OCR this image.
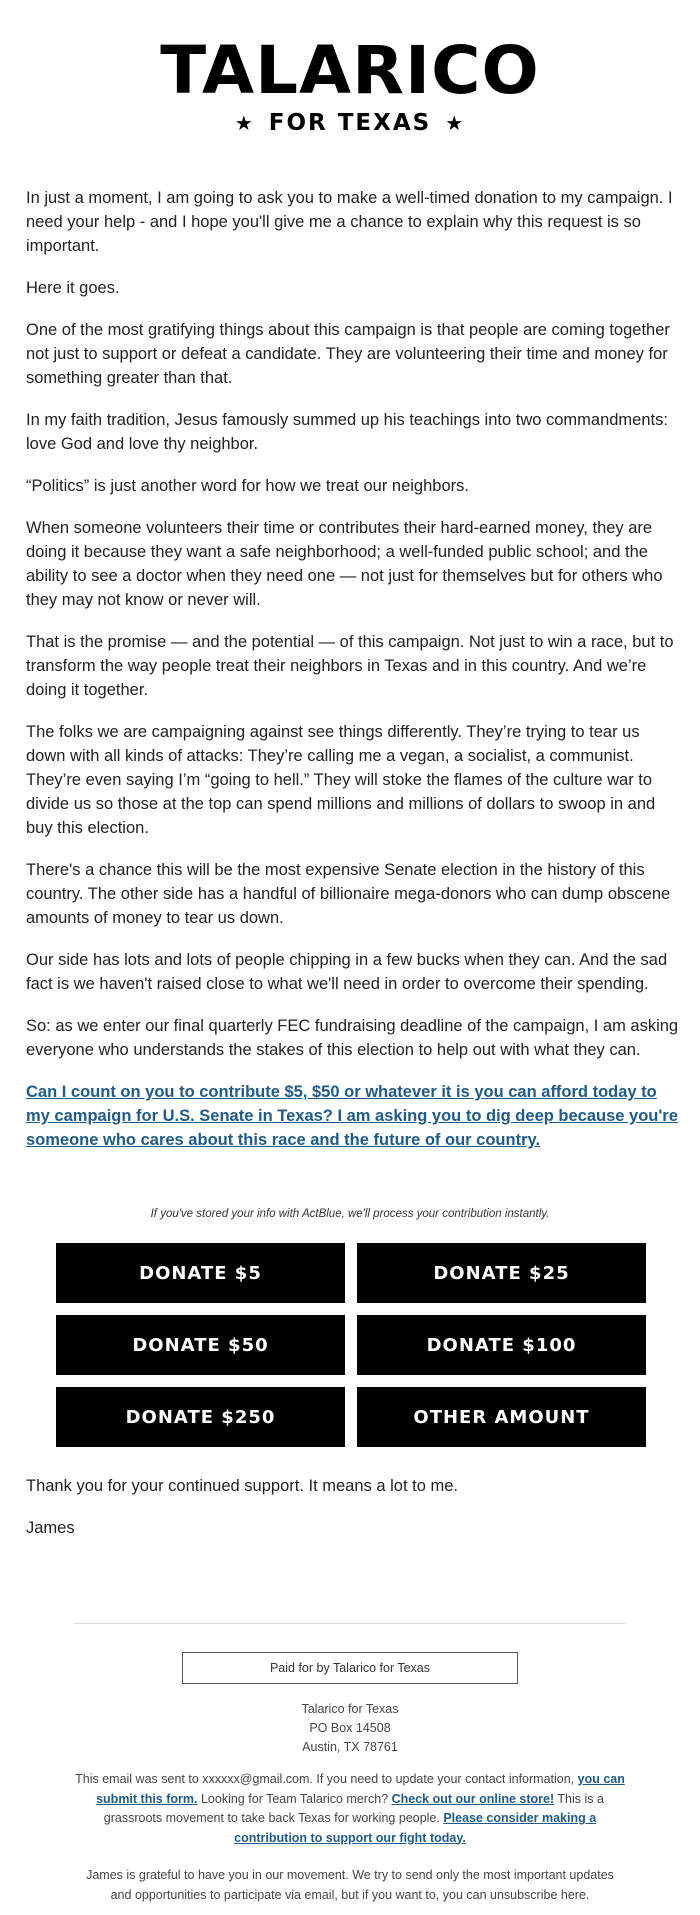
TALARICO
★ FOR TEXAS ★

In just a moment, I am going to ask you to make a well-timed donation to my campaign. I need your help - and I hope you'll give me a chance to explain why this request is so important.

Here it goes.

One of the most gratifying things about this campaign is that people are coming together not just to support or defeat a candidate. They are volunteering their time and money for something greater than that.

In my faith tradition, Jesus famously summed up his teachings into two commandments: love God and love thy neighbor.

“Politics” is just another word for how we treat our neighbors.

When someone volunteers their time or contributes their hard-earned money, they are doing it because they want a safe neighborhood; a well-funded public school; and the ability to see a doctor when they need one — not just for themselves but for others who they may not know or never will.

That is the promise — and the potential — of this campaign. Not just to win a race, but to transform the way people treat their neighbors in Texas and in this country. And we’re doing it together.

The folks we are campaigning against see things differently. They’re trying to tear us down with all kinds of attacks: They’re calling me a vegan, a socialist, a communist. They’re even saying I’m “going to hell.” They will stoke the flames of the culture war to divide us so those at the top can spend millions and millions of dollars to swoop in and buy this election.

There's a chance this will be the most expensive Senate election in the history of this country. The other side has a handful of billionaire mega-donors who can dump obscene amounts of money to tear us down.

Our side has lots and lots of people chipping in a few bucks when they can. And the sad fact is we haven't raised close to what we'll need in order to overcome their spending.

So: as we enter our final quarterly FEC fundraising deadline of the campaign, I am asking everyone who understands the stakes of this election to help out with what they can.

Can I count on you to contribute $5, $50 or whatever it is you can afford today to my campaign for U.S. Senate in Texas? I am asking you to dig deep because you're someone who cares about this race and the future of our country.

If you've stored your info with ActBlue, we'll process your contribution instantly.
DONATE $5	DONATE $25
DONATE $50	DONATE $100
DONATE $250	OTHER AMOUNT

Thank you for your continued support. It means a lot to me.

James

Paid for by Talarico for Texas
Talarico for Texas
PO Box 14508
Austin, TX 78761
This email was sent to xxxxxx@gmail.com. If you need to update your contact information, you can submit this form. Looking for Team Talarico merch? Check out our online store! This is a grassroots movement to take back Texas for working people. Please consider making a contribution to support our fight today.
James is grateful to have you in our movement. We try to send only the most important updates and opportunities to participate via email, but if you want to, you can unsubscribe here.
